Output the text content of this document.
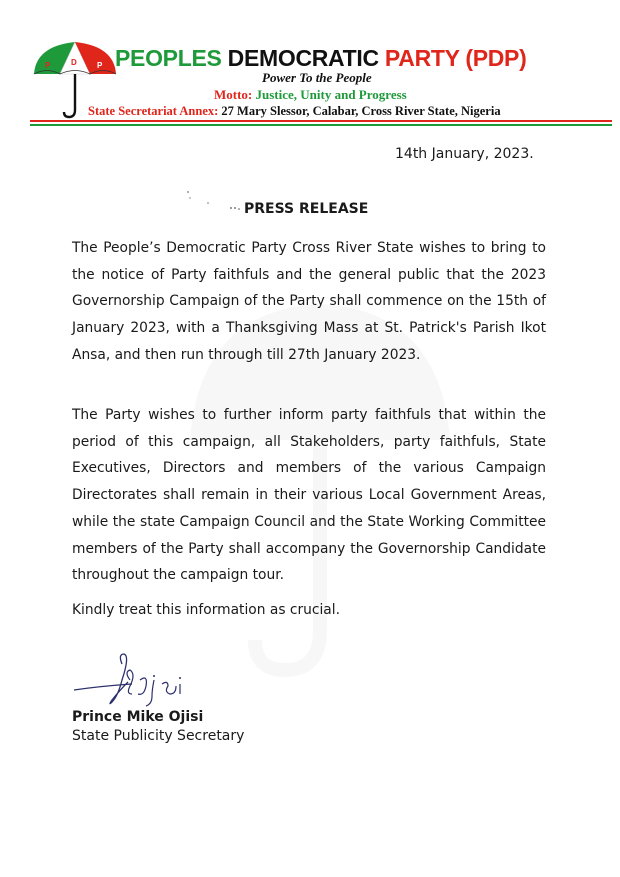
P	D	P PEOPLES DEMOCRATIC PARTY (PDP)
Power To the People
Motto: Justice, Unity and Progress
State Secretariat Annex: 27 Mary Slessor, Calabar, Cross River State, Nigeria
14th January, 2023.
PRESS RELEASE

The People’s Democratic Party Cross River State wishes to bring to the notice of Party faithfuls and the general public that the 2023 Governorship Campaign of the Party shall commence on the 15th of January 2023, with a Thanksgiving Mass at St. Patrick's Parish Ikot Ansa, and then run through till 27th January 2023.

The Party wishes to further inform party faithfuls that within the period of this campaign, all Stakeholders, party faithfuls, State Executives, Directors and members of the various Campaign Directorates shall remain in their various Local Government Areas, while the state Campaign Council and the State Working Committee members of the Party shall accompany the Governorship Candidate throughout the campaign tour.

Kindly treat this information as crucial.

Prince Mike Ojisi
State Publicity Secretary
